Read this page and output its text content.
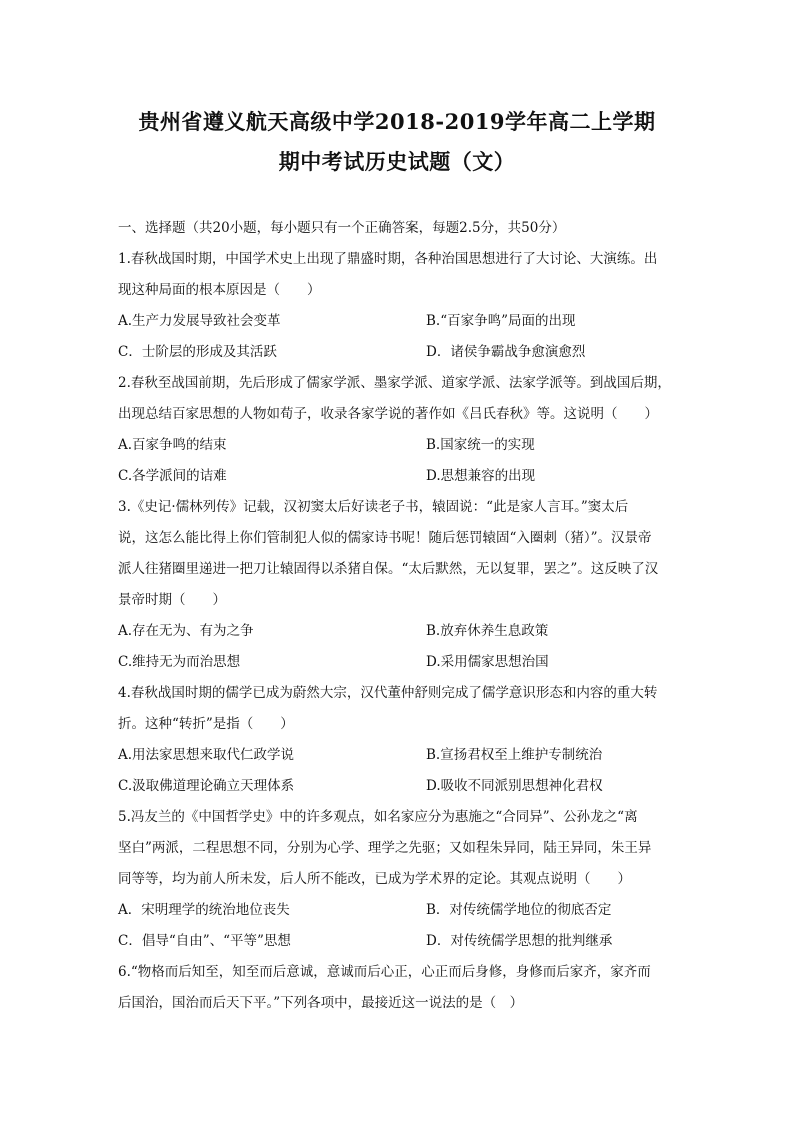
贵州省遵义航天高级中学2018-2019学年高二上学期
期中考试历史试题（文）
一、选择题（共20小题，每小题只有一个正确答案，每题2.5分，共50分）
1.春秋战国时期，中国学术史上出现了鼎盛时期，各种治国思想进行了大讨论、大演练。出
现这种局面的根本原因是（　　）
A.生产力发展导致社会变革	B.“百家争鸣”局面的出现
C．士阶层的形成及其活跃	D．诸侯争霸战争愈演愈烈
2.春秋至战国前期，先后形成了儒家学派、墨家学派、道家学派、法家学派等。到战国后期，
出现总结百家思想的人物如荀子，收录各家学说的著作如《吕氏春秋》等。这说明（　　）
A.百家争鸣的结束	B.国家统一的实现
C.各学派间的诘难	D.思想兼容的出现
3.《史记·儒林列传》记载，汉初窦太后好读老子书，辕固说：“此是家人言耳。”窦太后
说，这怎么能比得上你们管制犯人似的儒家诗书呢！随后惩罚辕固“入圈刺（猪）”。汉景帝
派人往猪圈里递进一把刀让辕固得以杀猪自保。“太后默然，无以复罪，罢之”。这反映了汉
景帝时期（　　）
A.存在无为、有为之争	B.放弃休养生息政策
C.维持无为而治思想	D.采用儒家思想治国
4.春秋战国时期的儒学已成为蔚然大宗，汉代董仲舒则完成了儒学意识形态和内容的重大转
折。这种“转折”是指（　　）
A.用法家思想来取代仁政学说	B.宣扬君权至上维护专制统治
C.汲取佛道理论确立天理体系	D.吸收不同派别思想神化君权
5.冯友兰的《中国哲学史》中的许多观点，如名家应分为惠施之“合同异”、公孙龙之“离
坚白”两派，二程思想不同，分别为心学、理学之先驱；又如程朱异同，陆王异同，朱王异
同等等，均为前人所未发，后人所不能改，已成为学术界的定论。其观点说明（　　）
A．宋明理学的统治地位丧失	B．对传统儒学地位的彻底否定
C．倡导“自由”、“平等”思想	D．对传统儒学思想的批判继承
6.“物格而后知至，知至而后意诚，意诚而后心正，心正而后身修，身修而后家齐，家齐而
后国治，国治而后天下平。”下列各项中，最接近这一说法的是（　）
